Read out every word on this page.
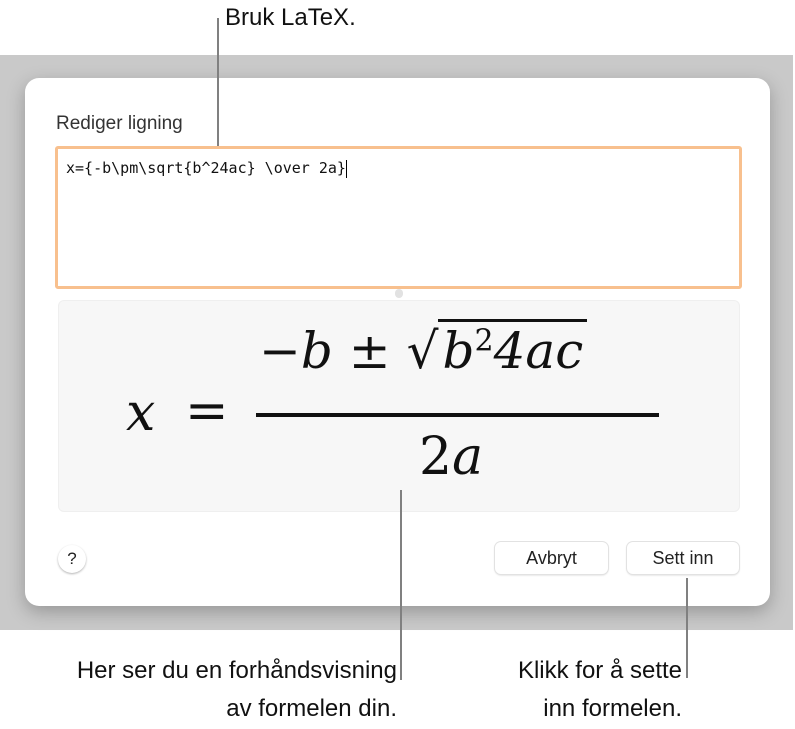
Bruk LaTeX.
Rediger ligning
x={-b\pm\sqrt{b^24ac} \over 2a}
x =
$-b \pm √b^24ac$
2a
?	Avbryt	Sett inn
Her ser du en forhåndsvisning
av formelen din.
Klikk for å sette
inn formelen.
